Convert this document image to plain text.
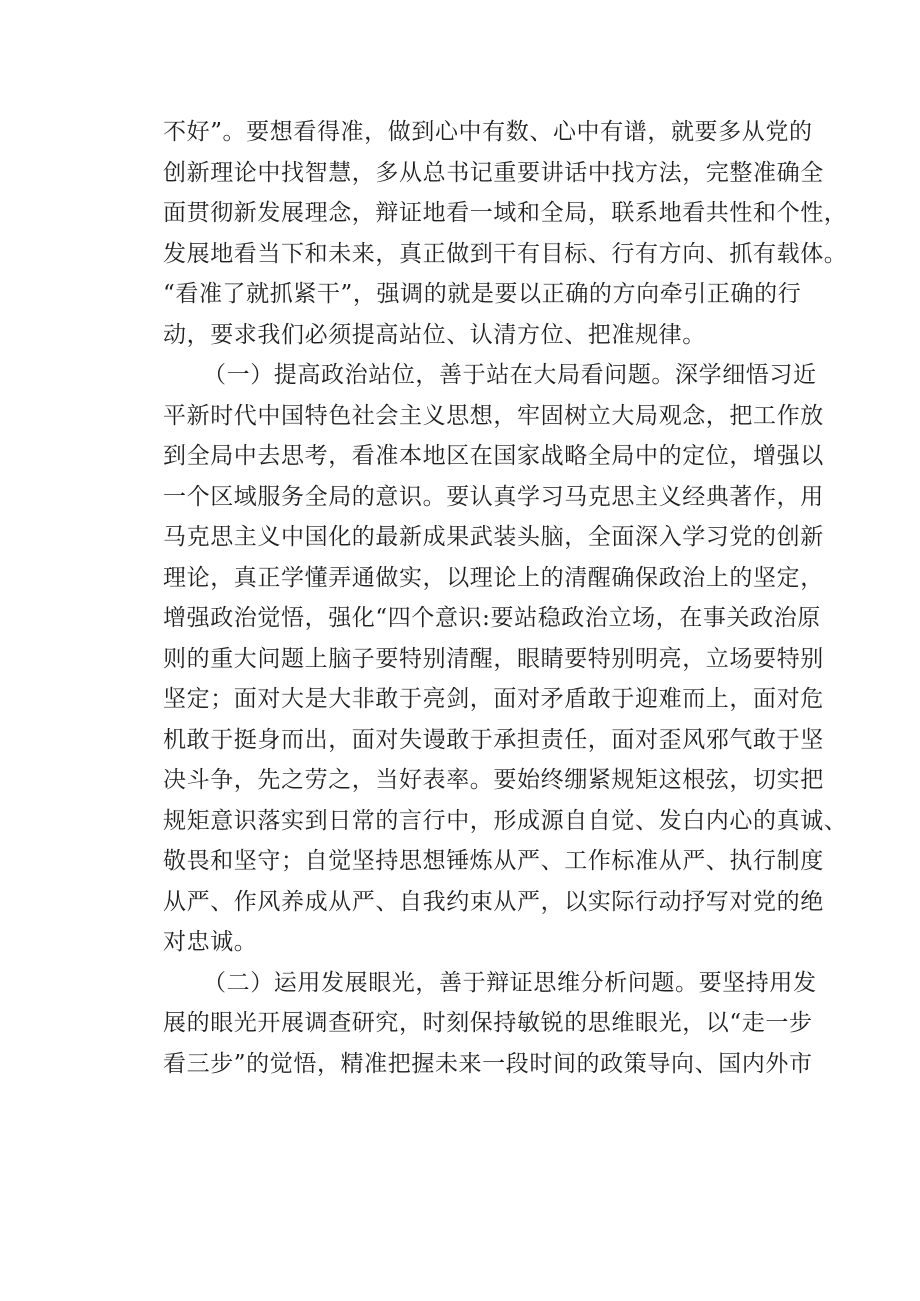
不好”。要想看得准，做到心中有数、心中有谱，就要多从党的
创新理论中找智慧，多从总书记重要讲话中找方法，完整准确全
面贯彻新发展理念，辩证地看一域和全局，联系地看共性和个性，
发展地看当下和未来，真正做到干有目标、行有方向、抓有载体。
“看准了就抓紧干”，强调的就是要以正确的方向牵引正确的行
动，要求我们必须提高站位、认清方位、把准规律。
（一）提高政治站位，善于站在大局看问题。深学细悟习近
平新时代中国特色社会主义思想，牢固树立大局观念，把工作放
到全局中去思考，看准本地区在国家战略全局中的定位，增强以
一个区域服务全局的意识。要认真学习马克思主义经典著作，用
马克思主义中国化的最新成果武装头脑，全面深入学习党的创新
理论，真正学懂弄通做实，以理论上的清醒确保政治上的坚定，
增强政治觉悟，强化“四个意识:要站稳政治立场，在事关政治原
则的重大问题上脑子要特别清醒，眼睛要特别明亮，立场要特别
坚定；面对大是大非敢于亮剑，面对矛盾敢于迎难而上，面对危
机敢于挺身而出，面对失谩敢于承担责任，面对歪风邪气敢于坚
决斗争，先之劳之，当好表率。要始终绷紧规矩这根弦，切实把
规矩意识落实到日常的言行中，形成源自自觉、发白内心的真诚、
敬畏和坚守；自觉坚持思想锤炼从严、工作标准从严、执行制度
从严、作风养成从严、自我约束从严，以实际行动抒写对党的绝
对忠诚。
（二）运用发展眼光，善于辩证思维分析问题。要坚持用发
展的眼光开展调查研究，时刻保持敏锐的思维眼光，以“走一步
看三步”的觉悟，精准把握未来一段时间的政策导向、国内外市
